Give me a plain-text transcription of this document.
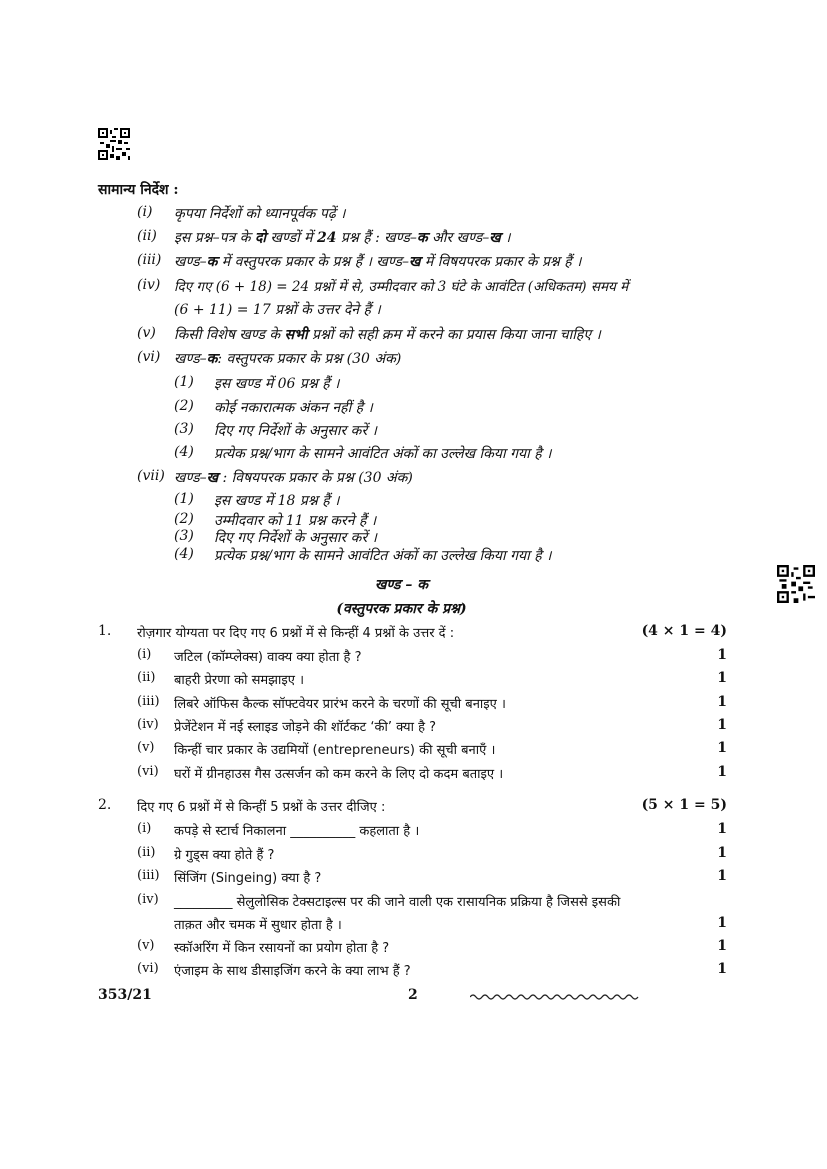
सामान्य निर्देश :
(i) कृपया निर्देशों को ध्यानपूर्वक पढ़ें ।
(ii) इस प्रश्न–पत्र के दो खण्डों में 24 प्रश्न हैं : खण्ड–क और खण्ड–ख ।
(iii) खण्ड–क में वस्तुपरक प्रकार के प्रश्न हैं । खण्ड–ख में विषयपरक प्रकार के प्रश्न हैं ।
(iv) दिए गए (6 + 18) = 24 प्रश्नों में से, उम्मीदवार को 3 घंटे के आवंटित (अधिकतम) समय में
(6 + 11) = 17 प्रश्नों के उत्तर देने हैं ।
(v) किसी विशेष खण्ड के सभी प्रश्नों को सही क्रम में करने का प्रयास किया जाना चाहिए ।
(vi) खण्ड–क: वस्तुपरक प्रकार के प्रश्न (30 अंक)
(1) इस खण्ड में 06 प्रश्न हैं ।
(2) कोई नकारात्मक अंकन नहीं है ।
(3) दिए गए निर्देशों के अनुसार करें ।
(4) प्रत्येक प्रश्न/भाग के सामने आवंटित अंकों का उल्लेख किया गया है ।
(vii) खण्ड–ख : विषयपरक प्रकार के प्रश्न (30 अंक)
(1) इस खण्ड में 18 प्रश्न हैं ।
(2) उम्मीदवार को 11 प्रश्न करने हैं ।
(3) दिए गए निर्देशों के अनुसार करें ।
(4) प्रत्येक प्रश्न/भाग के सामने आवंटित अंकों का उल्लेख किया गया है ।
खण्ड – क
(वस्तुपरक प्रकार के प्रश्न)
1. रोज़गार योग्यता पर दिए गए 6 प्रश्नों में से किन्हीं 4 प्रश्नों के उत्तर दें :	(4 × 1 = 4)
(i) जटिल (कॉम्प्लेक्स) वाक्य क्या होता है ?	1
(ii) बाहरी प्रेरणा को समझाइए ।	1
(iii) लिबरे ऑफिस कैल्क सॉफ्टवेयर प्रारंभ करने के चरणों की सूची बनाइए ।	1
(iv) प्रेजेंटेशन में नई स्लाइड जोड़ने की शॉर्टकट ‘की’ क्या है ?	1
(v) किन्हीं चार प्रकार के उद्यमियों (entrepreneurs) की सूची बनाएँ ।	1
(vi) घरों में ग्रीनहाउस गैस उत्सर्जन को कम करने के लिए दो कदम बताइए ।	1
2. दिए गए 6 प्रश्नों में से किन्हीं 5 प्रश्नों के उत्तर दीजिए :	(5 × 1 = 5)
(i) कपड़े से स्टार्च निकालना __________ कहलाता है ।	1
(ii) ग्रे गुड्स क्या होते हैं ?	1
(iii) सिंजिंग (Singeing) क्या है ?	1
(iv) _________ सेलुलोसिक टेक्सटाइल्स पर की जाने वाली एक रासायनिक प्रक्रिया है जिससे इसकी
ताक़त और चमक में सुधार होता है ।	1
(v) स्कॉअरिंग में किन रसायनों का प्रयोग होता है ?	1
(vi) एंजाइम के साथ डीसाइजिंग करने के क्या लाभ हैं ?	1
353/21	2
